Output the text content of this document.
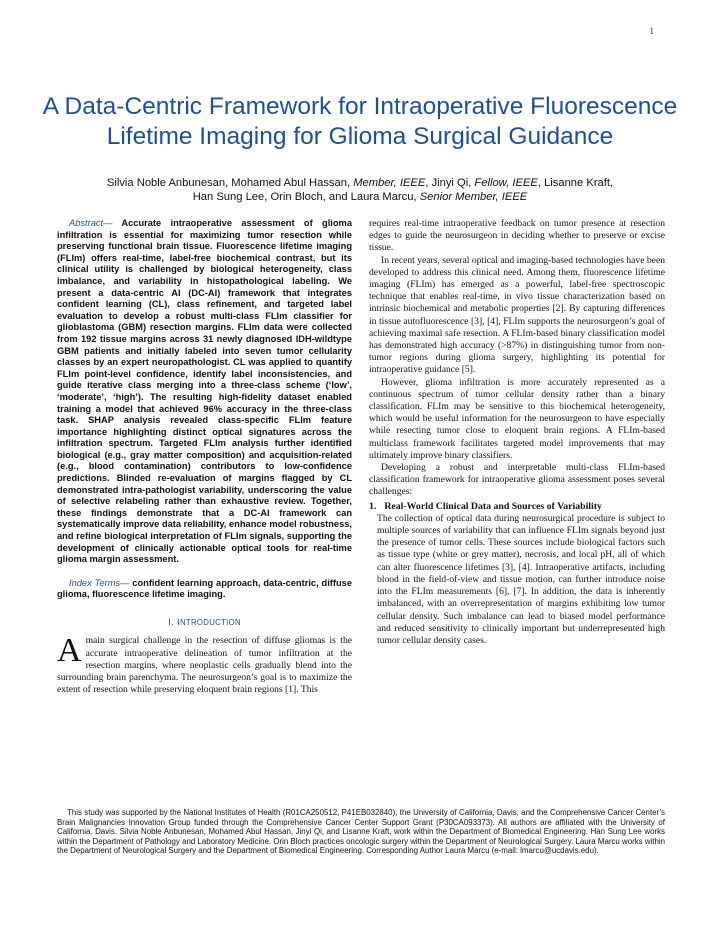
1
A Data-Centric Framework for Intraoperative Fluorescence Lifetime Imaging for Glioma Surgical Guidance
Silvia Noble Anbunesan, Mohamed Abul Hassan, Member, IEEE, Jinyi Qi, Fellow, IEEE, Lisanne Kraft,
Han Sung Lee, Orin Bloch, and Laura Marcu, Senior Member, IEEE

Abstract— Accurate intraoperative assessment of glioma infiltration is essential for maximizing tumor resection while preserving functional brain tissue. Fluorescence lifetime imaging (FLIm) offers real-time, label-free biochemical contrast, but its clinical utility is challenged by biological heterogeneity, class imbalance, and variability in histopathological labeling. We present a data-centric AI (DC-AI) framework that integrates confident learning (CL), class refinement, and targeted label evaluation to develop a robust multi-class FLIm classifier for glioblastoma (GBM) resection margins. FLIm data were collected from 192 tissue margins across 31 newly diagnosed IDH-wildtype GBM patients and initially labeled into seven tumor cellularity classes by an expert neuropathologist. CL was applied to quantify FLIm point-level confidence, identify label inconsistencies, and guide iterative class merging into a three-class scheme (‘low’, ‘moderate’, ‘high’). The resulting high-fidelity dataset enabled training a model that achieved 96% accuracy in the three-class task. SHAP analysis revealed class-specific FLIm feature importance highlighting distinct optical signatures across the infiltration spectrum. Targeted FLIm analysis further identified biological (e.g., gray matter composition) and acquisition-related (e.g., blood contamination) contributors to low-confidence predictions. Blinded re-evaluation of margins flagged by CL demonstrated intra-pathologist variability, underscoring the value of selective relabeling rather than exhaustive review. Together, these findings demonstrate that a DC-AI framework can systematically improve data reliability, enhance model robustness, and refine biological interpretation of FLIm signals, supporting the development of clinically actionable optical tools for real-time glioma margin assessment.

Index Terms— confident learning approach, data-centric, diffuse glioma, fluorescence lifetime imaging.

I. INTRODUCTION

Amain surgical challenge in the resection of diffuse gliomas is the accurate intraoperative delineation of tumor infiltration at the resection margins, where neoplastic cells gradually blend into the surrounding brain parenchyma. The neurosurgeon’s goal is to maximize the extent of resection while preserving eloquent brain regions [1]. This

requires real-time intraoperative feedback on tumor presence at resection edges to guide the neurosurgeon in deciding whether to preserve or excise tissue.

In recent years, several optical and imaging-based technologies have been developed to address this clinical need. Among them, fluorescence lifetime imaging (FLIm) has emerged as a powerful, label-free spectroscopic technique that enables real-time, in vivo tissue characterization based on intrinsic biochemical and metabolic properties [2]. By capturing differences in tissue autofluorescence [3], [4], FLIm supports the neurosurgeon’s goal of achieving maximal safe resection. A FLIm-based binary classification model has demonstrated high accuracy (>87%) in distinguishing tumor from non-tumor regions during glioma surgery, highlighting its potential for intraoperative guidance [5].

However, glioma infiltration is more accurately represented as a continuous spectrum of tumor cellular density rather than a binary classification. FLIm may be sensitive to this biochemical heterogeneity, which would be useful information for the neurosurgeon to have especially while resecting tumor close to eloquent brain regions. A FLIm-based multiclass framework facilitates targeted model improvements that may ultimately improve binary classifiers.

Developing a robust and interpretable multi-class FLIm-based classification framework for intraoperative glioma assessment poses several challenges:

1. Real-World Clinical Data and Sources of Variability

The collection of optical data during neurosurgical procedure is subject to multiple sources of variability that can influence FLIm signals beyond just the presence of tumor cells. These sources include biological factors such as tissue type (white or grey matter), necrosis, and local pH, all of which can alter fluorescence lifetimes [3], [4]. Intraoperative artifacts, including blood in the field-of-view and tissue motion, can further introduce noise into the FLIm measurements [6], [7]. In addition, the data is inherently imbalanced, with an overrepresentation of margins exhibiting low tumor cellular density. Such imbalance can lead to biased model performance and reduced sensitivity to clinically important but underrepresented high tumor cellular density cases.

This study was supported by the National Institutes of Health (R01CA250512, P41EB032840), the University of California, Davis, and the Comprehensive Cancer Center’s Brain Malignancies Innovation Group funded through the Comprehensive Cancer Center Support Grant (P30CA093373). All authors are affiliated with the University of California, Davis. Silvia Noble Anbunesan, Mohamed Abul Hassan, Jinyi Qi, and Lisanne Kraft, work within the Department of Biomedical Engineering. Han Sung Lee works within the Department of Pathology and Laboratory Medicine. Orin Bloch practices oncologic surgery within the Department of Neurological Surgery. Laura Marcu works within the Department of Neurological Surgery and the Department of Biomedical Engineering. Corresponding Author Laura Marcu (e-mail: lmarcu@ucdavis.edu).
